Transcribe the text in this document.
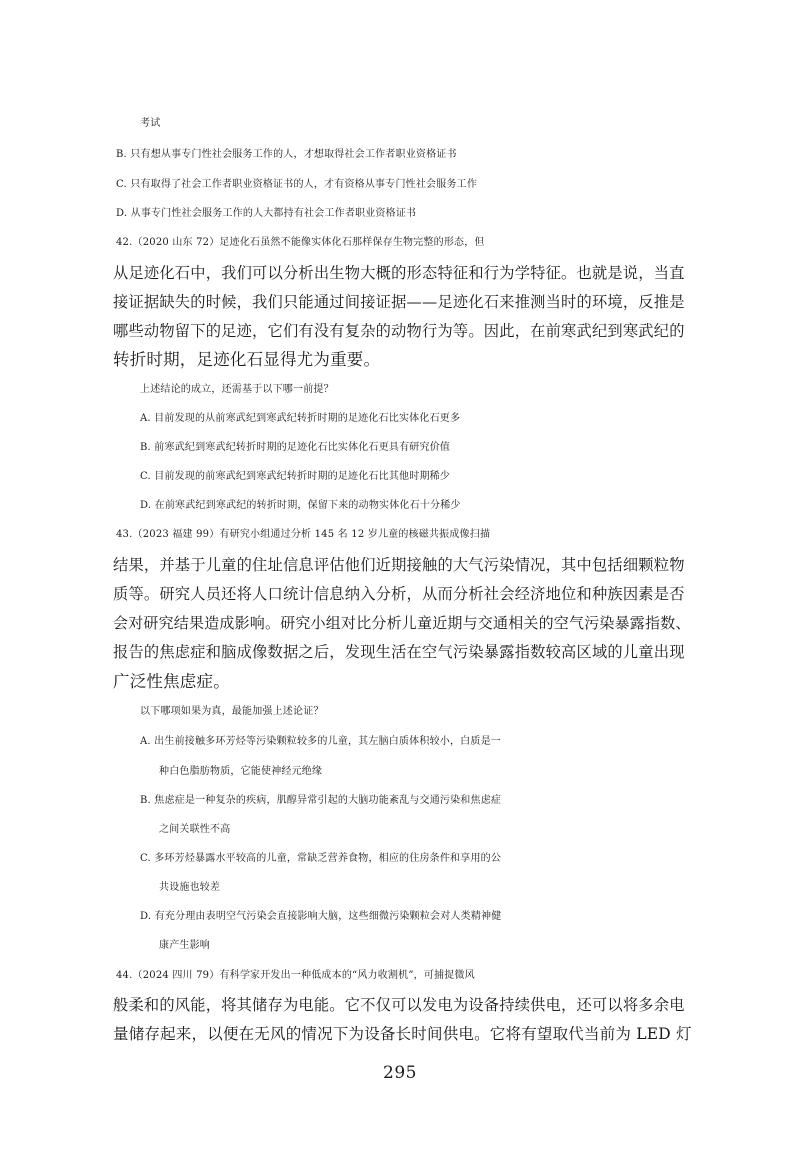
考试
B. 只有想从事专门性社会服务工作的人，才想取得社会工作者职业资格证书
C. 只有取得了社会工作者职业资格证书的人，才有资格从事专门性社会服务工作
D. 从事专门性社会服务工作的人大都持有社会工作者职业资格证书
42.（2020 山东 72）足迹化石虽然不能像实体化石那样保存生物完整的形态，但
从足迹化石中，我们可以分析出生物大概的形态特征和行为学特征。也就是说，当直
接证据缺失的时候，我们只能通过间接证据——足迹化石来推测当时的环境，反推是
哪些动物留下的足迹，它们有没有复杂的动物行为等。因此，在前寒武纪到寒武纪的
转折时期，足迹化石显得尤为重要。
上述结论的成立，还需基于以下哪一前提？
A. 目前发现的从前寒武纪到寒武纪转折时期的足迹化石比实体化石更多
B. 前寒武纪到寒武纪转折时期的足迹化石比实体化石更具有研究价值
C. 目前发现的前寒武纪到寒武纪转折时期的足迹化石比其他时期稀少
D. 在前寒武纪到寒武纪的转折时期，保留下来的动物实体化石十分稀少
43.（2023 福建 99）有研究小组通过分析 145 名 12 岁儿童的核磁共振成像扫描
结果，并基于儿童的住址信息评估他们近期接触的大气污染情况，其中包括细颗粒物
质等。研究人员还将人口统计信息纳入分析，从而分析社会经济地位和种族因素是否
会对研究结果造成影响。研究小组对比分析儿童近期与交通相关的空气污染暴露指数、
报告的焦虑症和脑成像数据之后，发现生活在空气污染暴露指数较高区域的儿童出现
广泛性焦虑症。
以下哪项如果为真，最能加强上述论证？
A. 出生前接触多环芳烃等污染颗粒较多的儿童，其左脑白质体积较小，白质是一
种白色脂肪物质，它能使神经元绝缘
B. 焦虑症是一种复杂的疾病，肌醇异常引起的大脑功能紊乱与交通污染和焦虑症
之间关联性不高
C. 多环芳烃暴露水平较高的儿童，常缺乏营养食物，相应的住房条件和享用的公
共设施也较差
D. 有充分理由表明空气污染会直接影响大脑，这些细微污染颗粒会对人类精神健
康产生影响
44.（2024 四川 79）有科学家开发出一种低成本的“风力收割机”，可捕捉微风
般柔和的风能，将其储存为电能。它不仅可以发电为设备持续供电，还可以将多余电
量储存起来，以便在无风的情况下为设备长时间供电。它将有望取代当前为 LED 灯
295
